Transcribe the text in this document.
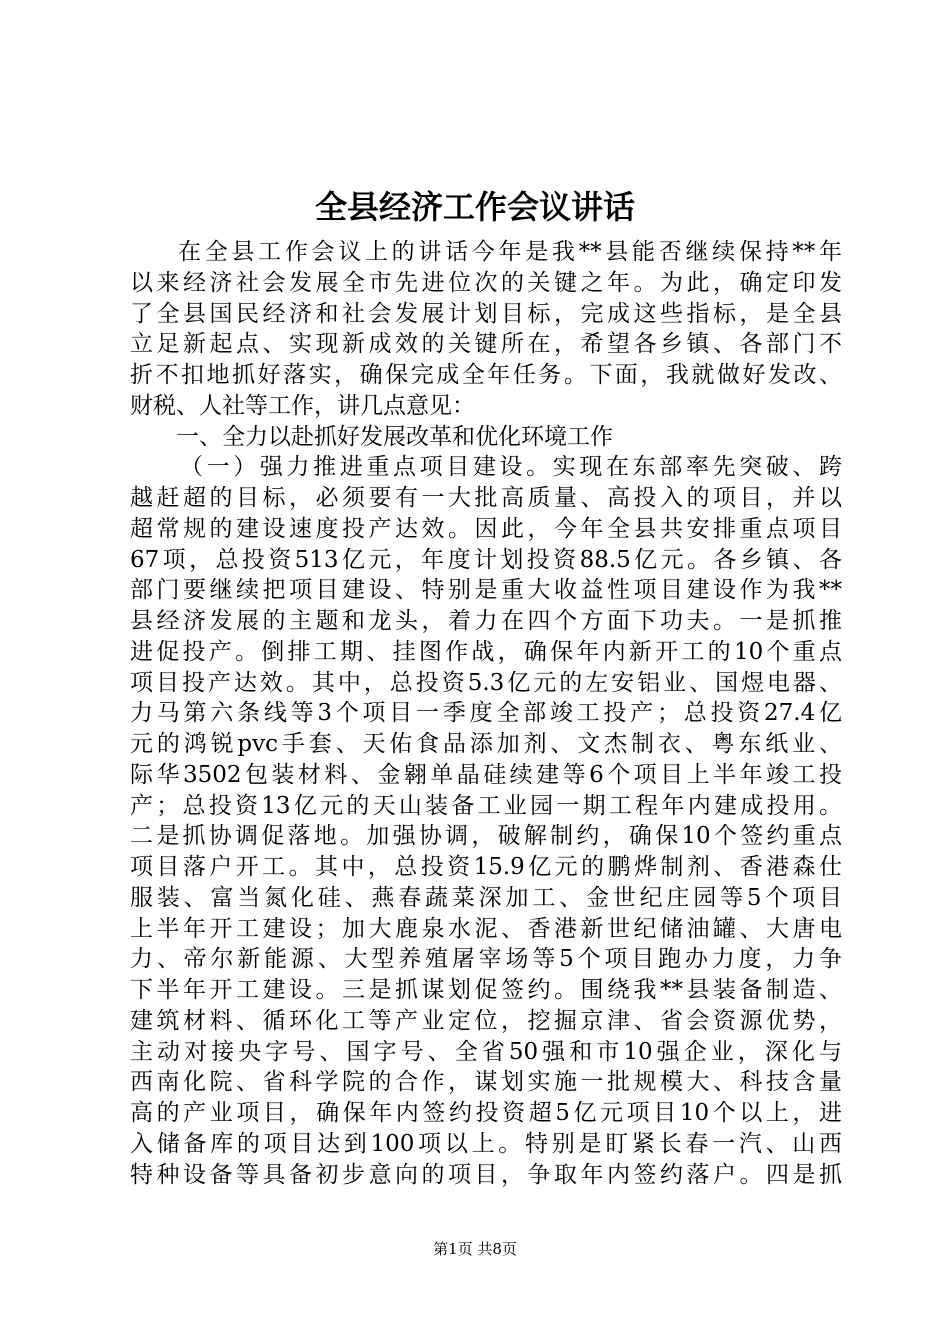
全县经济工作会议讲话
在全县工作会议上的讲话今年是我**县能否继续保持**年
以来经济社会发展全市先进位次的关键之年。为此，确定印发
了全县国民经济和社会发展计划目标，完成这些指标，是全县
立足新起点、实现新成效的关键所在，希望各乡镇、各部门不
折不扣地抓好落实，确保完成全年任务。下面，我就做好发改、
财税、人社等工作，讲几点意见：
一、全力以赴抓好发展改革和优化环境工作
（一）强力推进重点项目建设。实现在东部率先突破、跨
越赶超的目标，必须要有一大批高质量、高投入的项目，并以
超常规的建设速度投产达效。因此，今年全县共安排重点项目
67项，总投资513亿元，年度计划投资88.5亿元。各乡镇、各
部门要继续把项目建设、特别是重大收益性项目建设作为我**
县经济发展的主题和龙头，着力在四个方面下功夫。一是抓推
进促投产。倒排工期、挂图作战，确保年内新开工的10个重点
项目投产达效。其中，总投资5.3亿元的左安铝业、国煜电器、
力马第六条线等3个项目一季度全部竣工投产；总投资27.4亿
元的鸿锐pvc手套、天佑食品添加剂、文杰制衣、粤东纸业、
际华3502包装材料、金翱单晶硅续建等6个项目上半年竣工投
产；总投资13亿元的天山装备工业园一期工程年内建成投用。
二是抓协调促落地。加强协调，破解制约，确保10个签约重点
项目落户开工。其中，总投资15.9亿元的鹏烨制剂、香港森仕
服装、富当氮化硅、燕春蔬菜深加工、金世纪庄园等5个项目
上半年开工建设；加大鹿泉水泥、香港新世纪储油罐、大唐电
力、帝尔新能源、大型养殖屠宰场等5个项目跑办力度，力争
下半年开工建设。三是抓谋划促签约。围绕我**县装备制造、
建筑材料、循环化工等产业定位，挖掘京津、省会资源优势，
主动对接央字号、国字号、全省50强和市10强企业，深化与
西南化院、省科学院的合作，谋划实施一批规模大、科技含量
高的产业项目，确保年内签约投资超5亿元项目10个以上，进
入储备库的项目达到100项以上。特别是盯紧长春一汽、山西
特种设备等具备初步意向的项目，争取年内签约落户。四是抓
第1页 共8页
